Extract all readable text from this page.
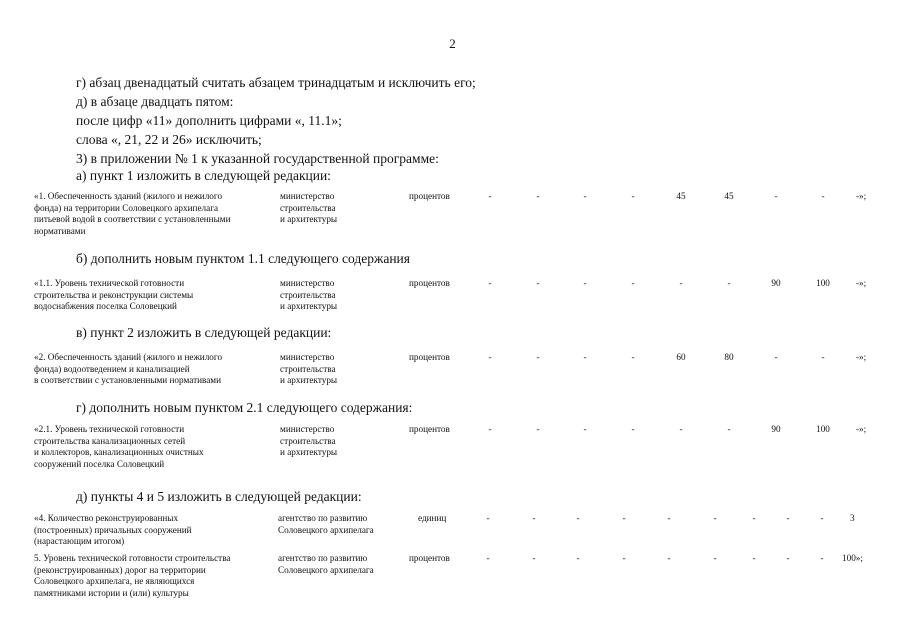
2
г) абзац двенадцатый считать абзацем тринадцатым и исключить его;
д) в абзаце двадцать пятом:
после цифр «11» дополнить цифрами «, 11.1»;
слова «, 21, 22 и 26» исключить;
3) в приложении № 1 к указанной государственной программе:
а) пункт 1 изложить в следующей редакции:
«1. Обеспеченность зданий (жилого и нежилого
фонда) на территории Соловецкого архипелага
питьевой водой в соответствии с установленными
нормативами
министерство
строительства
и архитектуры
процентов	-	-	-	-	45	45	-	-	-»;
б) дополнить новым пунктом 1.1 следующего содержания
«1.1. Уровень технической готовности
строительства и реконструкции системы
водоснабжения поселка Соловецкий
министерство
строительства
и архитектуры
процентов	-	-	-	-	-	-	90	100	-»;
в) пункт 2 изложить в следующей редакции:
«2. Обеспеченность зданий (жилого и нежилого
фонда) водоотведением и канализацией
в соответствии с установленными нормативами
министерство
строительства
и архитектуры
процентов	-	-	-	-	60	80	-	-	-»;
г) дополнить новым пунктом 2.1 следующего содержания:
«2.1. Уровень технической готовности
строительства канализационных сетей
и коллекторов, канализационных очистных
сооружений поселка Соловецкий
министерство
строительства
и архитектуры
процентов	-	-	-	-	-	-	90	100	-»;
д) пункты 4 и 5 изложить в следующей редакции:
«4. Количество реконструированных
(построенных) причальных сооружений
(нарастающим итогом)
агентство по развитию
Соловецкого архипелага
единиц	-	-	-	-	-	-	-	-	-	3
5. Уровень технической готовности строительства
(реконструированных) дорог на территории
Соловецкого архипелага, не являющихся
памятниками истории и (или) культуры
агентство по развитию
Соловецкого архипелага
процентов	-	-	-	-	-	-	-	-	-	100»;
